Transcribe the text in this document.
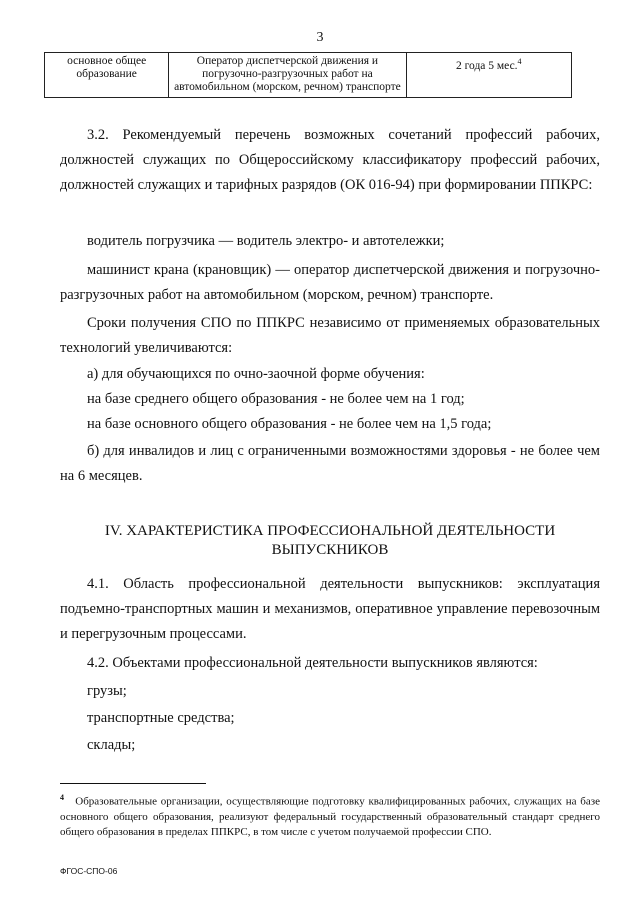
3
основное общее образование	Оператор диспетчерской движения и погрузочно-разгрузочных работ на автомобильном (морском, речном) транспорте	2 года 5 мес.$^4$

3.2. Рекомендуемый перечень возможных сочетаний профессий рабочих, должностей служащих по Общероссийскому классификатору профессий рабочих, должностей служащих и тарифных разрядов (ОК 016-94) при формировании ППКРС:

водитель погрузчика — водитель электро- и автотележки;

машинист крана (крановщик) — оператор диспетчерской движения и погрузочно-разгрузочных работ на автомобильном (морском, речном) транспорте.

Сроки получения СПО по ППКРС независимо от применяемых образовательных технологий увеличиваются:

а) для обучающихся по очно-заочной форме обучения:

на базе среднего общего образования - не более чем на 1 год;

на базе основного общего образования - не более чем на 1,5 года;

б) для инвалидов и лиц с ограниченными возможностями здоровья - не более чем на 6 месяцев.

IV. ХАРАКТЕРИСТИКА ПРОФЕССИОНАЛЬНОЙ ДЕЯТЕЛЬНОСТИ
ВЫПУСКНИКОВ

4.1. Область профессиональной деятельности выпускников: эксплуатация подъемно-транспортных машин и механизмов, оперативное управление перевозочным и перегрузочным процессами.

4.2. Объектами профессиональной деятельности выпускников являются:

грузы;

транспортные средства;

склады;

$^4$ Образовательные организации, осуществляющие подготовку квалифицированных рабочих, служащих на базе основного общего образования, реализуют федеральный государственный образовательный стандарт среднего общего образования в пределах ППКРС, в том числе с учетом получаемой профессии СПО.

ФГОС-СПО-06
